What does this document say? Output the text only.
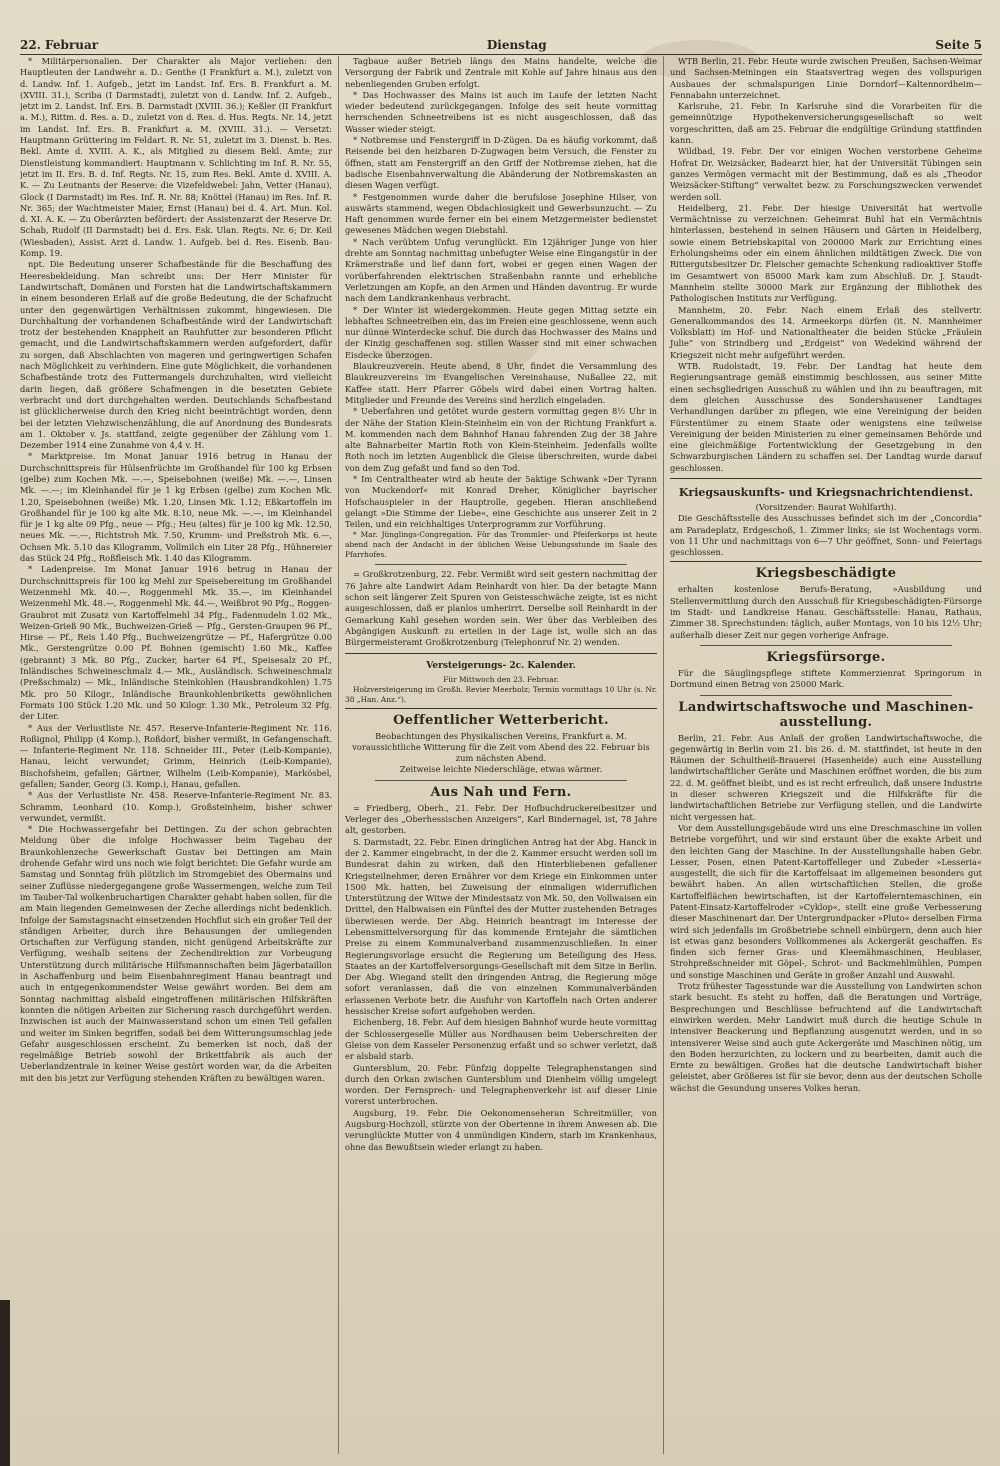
22. Februar	Dienstag	Seite 5

* Militärpersonalien. Der Charakter als Major verliehen: den Hauptleuten der Landwehr a. D.: Genthe (I Frankfurt a. M.), zuletzt von d. Landw. Inf. 1. Aufgeb., jetzt im Landst. Inf. Ers. B. Frankfurt a. M. (XVIII. 31.), Scriba (I Darmstadt), zuletzt von d. Landw. Inf. 2. Aufgeb., jetzt im 2. Landst. Inf. Ers. B. Darmstadt (XVIII. 36.); Keßler (II Frankfurt a. M.), Rittm. d. Res. a. D., zuletzt von d. Res. d. Hus. Regts. Nr. 14, jetzt im Landst. Inf. Ers. B. Frankfurt a. M. (XVIII. 31.). — Versetzt: Hauptmann Grüttering im Feldart. R. Nr. 51, zuletzt im 3. Dienst. b. Res. Bekl. Amte d. XVIII. A. K., als Mitglied zu diesem Bekl. Amte; zur Dienstleistung kommandiert: Hauptmann v. Schlichting im Inf. R. Nr. 55, jetzt im II. Ers. B. d. Inf. Regts. Nr. 15, zum Res. Bekl. Amte d. XVIII. A. K. — Zu Leutnants der Reserve: die Vizefeldwebel: Jahn, Vetter (Hanau), Glock (I Darmstadt) im Res. Inf. R. Nr. 88; Knöttel (Hanau) im Res. Inf. R. Nr. 365; der Wachtmeister Maier, Ernst (Hanau) bei d. 4. Art. Mun. Kol. d. XI. A. K. — Zu Oberärzten befördert: der Assistenzarzt der Reserve Dr. Schab, Rudolf (II Darmstadt) bei d. Ers. Esk. Ulan. Regts. Nr. 6; Dr. Keil (Wiesbaden), Assist. Arzt d. Landw. 1. Aufgeb. bei d. Res. Eisenb. Bau-Komp. 19.

npt. Die Bedeutung unserer Schafbestände für die Beschaffung des Heeresbekleidung. Man schreibt uns: Der Herr Minister für Landwirtschaft, Domänen und Forsten hat die Landwirtschaftskammern in einem besonderen Erlaß auf die große Bedeutung, die der Schafzucht unter den gegenwärtigen Verhältnissen zukommt, hingewiesen. Die Durchhaltung der vorhandenen Schafbestände wird der Landwirtschaft trotz der bestehenden Knappheit an Rauhfutter zur besonderen Pflicht gemacht, und die Landwirtschaftskammern werden aufgefordert, dafür zu sorgen, daß Abschlachten von mageren und geringwertigen Schafen nach Möglichkeit zu verhindern. Eine gute Möglichkeit, die vorhandenen Schafbestände trotz des Futtermangels durchzuhalten, wird vielleicht darin liegen, daß größere Schafmengen in die besetzten Gebiete verbracht und dort durchgehalten werden. Deutschlands Schafbestand ist glücklicherweise durch den Krieg nicht beeinträchtigt worden, denn bei der letzten Viehzwischenzählung, die auf Anordnung des Bundesrats am 1. Oktober v. Js. stattfand, zeigte gegenüber der Zählung vom 1. Dezember 1914 eine Zunahme von 4,4 v. H.

* Marktpreise. Im Monat Januar 1916 betrug in Hanau der Durchschnittspreis für Hülsenfrüchte im Großhandel für 100 kg Erbsen (gelbe) zum Kochen Mk. —.—, Speisebohnen (weiße) Mk. —.—, Linsen Mk. —.—; im Kleinhandel für je 1 kg Erbsen (gelbe) zum Kochen Mk. 1.20, Speisebohnen (weiße) Mk. 1.20, Linsen Mk. 1.12; Eßkartoffeln im Großhandel für je 100 kg alte Mk. 8.10, neue Mk. —.—, im Kleinhandel für je 1 kg alte 09 Pfg., neue — Pfg.; Heu (altes) für je 100 kg Mk. 12.50, neues Mk. —.—, Richtstroh Mk. 7.50, Krumm- und Preßstroh Mk. 6.—, Ochsen Mk. 5.10 das Kilogramm, Vollmilch ein Liter 28 Pfg., Hühnereier das Stück 24 Pfg., Roßfleisch Mk. 1.40 das Kilogramm.

* Ladenpreise. Im Monat Januar 1916 betrug in Hanau der Durchschnittspreis für 100 kg Mehl zur Speisebereitung im Großhandel Weizenmehl Mk. 40.—, Roggenmehl Mk. 35.—, im Kleinhandel Weizenmehl Mk. 48.—, Roggenmehl Mk. 44.—, Weißbrot 90 Pfg., Roggen-Graubrot mit Zusatz von Kartoffelmehl 34 Pfg., Fadennudeln 1.02 Mk., Weizen-Grieß 90 Mk., Buchweizen-Grieß — Pfg., Gersten-Graupen 96 Pf., Hirse — Pf., Reis 1.40 Pfg., Buchweizengrütze — Pf., Hafergrütze 0.00 Mk., Gerstengrütze 0.00 Pf. Bohnen (gemischt) 1.60 Mk., Kaffee (gebrannt) 3 Mk. 80 Pfg., Zucker, harter 64 Pf., Speisesalz 20 Pf., Inländisches Schweineschmalz 4.— Mk., Ausländisch. Schweineschmalz (Preßschmalz) — Mk., Inländische Steinkohlen (Hausbrandkohlen) 1.75 Mk. pro 50 Kilogr., Inländische Braunkohlenbriketts gewöhnlichen Formats 100 Stück 1.20 Mk. und 50 Kilogr. 1.30 Mk., Petroleum 32 Pfg. der Liter.

* Aus der Verlustliste Nr. 457. Reserve-Infanterie-Regiment Nr. 116. Roßignol, Philipp (4 Komp.), Roßdorf, bisher vermißt, in Gefangenschaft. — Infanterie-Regiment Nr. 118. Schneider III., Peter (Leib-Kompanie), Hanau, leicht verwundet; Grimm, Heinrich (Leib-Kompanie), Bischofsheim, gefallen; Gärtner, Wilhelm (Leib-Kompanie), Markösbel, gefallen; Sander, Georg (3. Komp.), Hanau, gefallen.

* Aus der Verlustliste Nr. 458. Reserve-Infanterie-Regiment Nr. 83. Schramm, Leonhard (10. Komp.), Großsteinheim, bisher schwer verwundet, vermißt.

* Die Hochwassergefahr bei Dettingen. Zu der schon gebrachten Meldung über die infolge Hochwasser beim Tagebau der Braunkohlenzeche Gewerkschaft Gustav bei Dettingen am Main drohende Gefahr wird uns noch wie folgt berichtet: Die Gefahr wurde am Samstag und Sonntag früh plötzlich im Stromgebiet des Obermains und seiner Zuflüsse niedergegangene große Wassermengen, welche zum Teil im Tauber-Tal wolkenbruchartigen Charakter gehabt haben sollen, für die am Main liegenden Gemeinwesen der Zeche allerdings nicht bedenklich. Infolge der Samstagsnacht einsetzenden Hochflut sich ein großer Teil der ständigen Arbeiter, durch ihre Behausungen der umliegenden Ortschaften zur Verfügung standen, nicht genügend Arbeitskräfte zur Verfügung, weshalb seitens der Zechendirektion zur Vorbeugung Unterstützung durch militärische Hilfsmannschaften beim Jägerbataillon in Aschaffenburg und beim Eisenbahnregiment Hanau beantragt und auch in entgegenkommendster Weise gewährt worden. Bei dem am Sonntag nachmittag alsbald eingetroffenen militärischen Hilfskräften konnten die nötigen Arbeiten zur Sicherung rasch durchgeführt werden. Inzwischen ist auch der Mainwasserstand schon um einen Teil gefallen und weiter im Sinken begriffen, sodaß bei dem Witterungsumschlag jede Gefahr ausgeschlossen erscheint. Zu bemerken ist noch, daß der regelmäßige Betrieb sowohl der Brikettfabrik als auch der Ueberlandzentrale in keiner Weise gestört worden war, da die Arbeiten mit den bis jetzt zur Verfügung stehenden Kräften zu bewältigen waren.

Tagbaue außer Betrieb längs des Mains handelte, welche die Versorgung der Fabrik und Zentrale mit Kohle auf Jahre hinaus aus den nebenliegenden Gruben erfolgt.

* Das Hochwasser des Mains ist auch im Laufe der letzten Nacht wieder bedeutend zurückgegangen. Infolge des seit heute vormittag herrschenden Schneetreibens ist es nicht ausgeschlossen, daß das Wasser wieder steigt.

* Notbremse und Fenstergriff in D-Zügen. Da es häufig vorkommt, daß Reisende bei den heizbaren D-Zugwagen beim Versuch, die Fenster zu öffnen, statt am Fenstergriff an den Griff der Notbremse ziehen, hat die badische Eisenbahnverwaltung die Abänderung der Notbremskasten an diesen Wagen verfügt.

* Festgenommen wurde daher die berufslose Josephine Hilser, von auswärts stammend, wegen Obdachlosigkeit und Gewerbsunzucht. — Zu Haft genommen wurde ferner ein bei einem Metzgermeister bedienstet gewesenes Mädchen wegen Diebstahl.

* Nach verübtem Unfug verunglückt. Ein 12jähriger Junge von hier drehte am Sonntag nachmittag unbefugter Weise eine Eingangstür in der Krämerstraße und lief dann fort, wobei er gegen einen Wagen der vorüberfahrenden elektrischen Straßenbahn rannte und erhebliche Verletzungen am Kopfe, an den Armen und Händen davontrug. Er wurde nach dem Landkrankenhaus verbracht.

* Der Winter ist wiedergekommen. Heute gegen Mittag setzte ein lebhaftes Schneetreiben ein, das im Freien eine geschlossene, wenn auch nur dünne Winterdecke schuf. Die durch das Hochwasser des Mains und der Kinzig geschaffenen sog. stillen Wasser sind mit einer schwachen Eisdecke überzogen.

Blaukreuzverein. Heute abend, 8 Uhr, findet die Versammlung des Blaukreuzvereins im Evangelischen Vereinshause, Nußallee 22, mit Kaffee statt. Herr Pfarrer Göbels wird dabei einen Vortrag halten. Mitglieder und Freunde des Vereins sind herzlich eingeladen.

* Ueberfahren und getötet wurde gestern vormittag gegen 8½ Uhr in der Nähe der Station Klein-Steinheim ein von der Richtung Frankfurt a. M. kommenden nach dem Bahnhof Hanau fahrenden Zug der 38 Jahre alte Bahnarbeiter Martin Roth von Klein-Steinheim. Jedenfalls wollte Roth noch im letzten Augenblick die Gleise überschreiten, wurde dabei von dem Zug gefaßt und fand so den Tod.

* Im Centraltheater wird ab heute der 5aktige Schwank »Der Tyrann von Muckendorf« mit Konrad Dreher, Königlicher bayrischer Hofschauspieler in der Hauptrolle, gegeben. Hieran anschließend gelangt »Die Stimme der Liebe«, eine Geschichte aus unserer Zeit in 2 Teilen, und ein reichhaltiges Unterprogramm zur Vorführung.

* Mar. Jünglings-Congregation. Für das Trommler- und Pfeiferkorps ist heute abend nach der Andacht in der üblichen Weise Uebungsstunde im Saale des Pfarrhofes.

= Großkrotzenburg, 22. Febr. Vermißt wird seit gestern nachmittag der 76 Jahre alte Landwirt Adam Reinhardt von hier. Da der betagte Mann schon seit längerer Zeit Spuren von Geistesschwäche zeigte, ist es nicht ausgeschlossen, daß er planlos umherirrt. Derselbe soll Reinhardt in der Gemarkung Kahl gesehen worden sein. Wer über das Verbleiben des Abgängigen Auskunft zu erteilen in der Lage ist, wolle sich an das Bürgermeisteramt Großkrotzenburg (Telephonruf Nr. 2) wenden.

Versteigerungs- 2c. Kalender.

Für Mittwoch den 23. Februar.

Holzversteigerung im Großh. Revier Meerholz; Termin vormittags 10 Uhr (s. Nr. 38 „Han. Anz.“).

Oeffentlicher Wetterbericht.

Beobachtungen des Physikalischen Vereins, Frankfurt a. M. voraussichtliche Witterung für die Zeit vom Abend des 22. Februar bis zum nächsten Abend.

Zeitweise leichte Niederschläge, etwas wärmer.

Aus Nah und Fern.

= Friedberg, Oberh., 21. Febr. Der Hofbuchdruckereibesitzer und Verleger des „Oberhessischen Anzeigers“, Karl Bindernagel, ist, 78 Jahre alt, gestorben.

S. Darmstadt, 22. Febr. Einen dringlichen Antrag hat der Abg. Hanck in der 2. Kammer eingebracht, in der die 2. Kammer ersucht werden soll im Bundesrat dahin zu wirken, daß den Hinterbliebenen gefallener Kriegsteilnehmer, deren Ernährer vor dem Kriege ein Einkommen unter 1500 Mk. hatten, bei Zuweisung der einmaligen widerruflichen Unterstützung der Witwe der Mindestsatz von Mk. 50, den Vollwaisen ein Drittel, den Halbwaisen ein Fünftel des der Mutter zustehenden Betrages überwiesen werde. Der Abg. Heinrich beantragt im Interesse der Lebensmittelversorgung für das kommende Erntejahr die sämtlichen Preise zu einem Kommunalverband zusammenzuschließen. In einer Regierungsvorlage ersucht die Regierung um Beteiligung des Hess. Staates an der Kartoffelversorgungs-Gesellschaft mit dem Sitze in Berlin. Der Abg. Wiegand stellt den dringenden Antrag, die Regierung möge sofort veranlassen, daß die von einzelnen Kommunalverbänden erlassenen Verbote betr. die Ausfuhr von Kartoffeln nach Orten anderer hessischer Kreise sofort aufgehoben werden.

Eichenberg, 18. Febr. Auf dem hiesigen Bahnhof wurde heute vormittag der Schlossergeselle Müller aus Nordhausen beim Ueberschreiten der Gleise von dem Kasseler Personenzug erfaßt und so schwer verletzt, daß er alsbald starb.

Guntersblum, 20. Febr. Fünfzig doppelte Telegraphenstangen sind durch den Orkan zwischen Guntersblum und Dienheim völlig umgelegt worden. Der Fernsprech- und Telegraphenverkehr ist auf dieser Linie vorerst unterbrochen.

Augsburg, 19. Febr. Die Oekonomenseheran Schreitmüller, von Augsburg-Hochzoll, stürzte von der Obertenne in ihrem Anwesen ab. Die verunglückte Mutter von 4 unmündigen Kindern, starb im Krankenhaus, ohne das Bewußtsein wieder erlangt zu haben.

WTB Berlin, 21. Febr. Heute wurde zwischen Preußen, Sachsen-Weimar und Sachsen-Meiningen ein Staatsvertrag wegen des vollspurigen Ausbaues der schmalspurigen Linie Dorndorf—Kaltennordheim—Fennabahn unterzeichnet.

Karlsruhe, 21. Febr. In Karlsruhe sind die Vorarbeiten für die gemeinnützige Hypothekenversicherungsgesellschaft so weit vorgeschritten, daß am 25. Februar die endgültige Gründung stattfinden kann.

Wildbad, 19. Febr. Der vor einigen Wochen verstorbene Geheime Hofrat Dr. Weizsäcker, Badearzt hier, hat der Universität Tübingen sein ganzes Vermögen vermacht mit der Bestimmung, daß es als „Theodor Weizsäcker-Stiftung“ verwaltet bezw. zu Forschungszwecken verwendet werden soll.

Heidelberg, 21. Febr. Der hiesige Universität hat wertvolle Vermächtnisse zu verzeichnen: Geheimrat Buhl hat ein Vermächtnis hinterlassen, bestehend in seinen Häusern und Gärten in Heidelberg, sowie einem Betriebskapital von 200000 Mark zur Errichtung eines Erholungsheims oder ein einem ähnlichen mildtätigen Zweck. Die von Rittergutsbesitzer Dr. Fleischer gemachte Schenkung radioaktiver Stoffe im Gesamtwert von 85000 Mark kam zum Abschluß. Dr. J. Staudt-Mannheim stellte 30000 Mark zur Ergänzung der Bibliothek des Pathologischen Instituts zur Verfügung.

Mannheim, 20. Febr. Nach einem Erlaß des stellvertr. Generalkommandos des 14. Armeekorps dürfen (it. N. Mannheimer Volksblatt) im Hof- und Nationaltheater die beiden Stücke „Fräulein Julie“ von Strindberg und „Erdgeist“ von Wedekind während der Kriegszeit nicht mehr aufgeführt werden.

WTB. Rudolstadt, 19. Febr. Der Landtag hat heute dem Regierungsantrage gemäß einstimmig beschlossen, aus seiner Mitte einen sechsgliedrigen Ausschuß zu wählen und ihn zu beauftragen, mit dem gleichen Ausschusse des Sondershausener Landtages Verhandlungen darüber zu pflegen, wie eine Vereinigung der beiden Fürstentümer zu einem Staate oder wenigstens eine teilweise Vereinigung der beiden Ministerien zu einer gemeinsamen Behörde und eine gleichmäßige Fortentwicklung der Gesetzgebung in den Schwarzburgischen Ländern zu schaffen sei. Der Landtag wurde darauf geschlossen.

Kriegsauskunfts- und Kriegsnachrichtendienst.

(Vorsitzender: Baurat Wohlfarth).

Die Geschäftsstelle des Ausschusses befindet sich im der „Concordia“ am Paradeplatz, Erdgeschoß, 1. Zimmer links; sie ist Wochentags vorm. von 11 Uhr und nachmittags von 6—7 Uhr geöffnet, Sonn- und Feiertags geschlossen.

Kriegsbeschädigte

erhalten kostenlose Berufs-Beratung, »Ausbildung und Stellenvermittlung durch den Ausschuß für Kriegsbeschädigten-Fürsorge im Stadt- und Landkreise Hanau. Geschäftsstelle: Hanau, Rathaus, Zimmer 38. Sprechstunden: täglich, außer Montags, von 10 bis 12½ Uhr; außerhalb dieser Zeit nur gegen vorherige Anfrage.

Kriegsfürsorge.

Für die Säuglingspflege stiftete Kommerzienrat Springorum in Dortmund einen Betrag von 25000 Mark.

Landwirtschaftswoche und Maschinen-ausstellung.

Berlin, 21. Febr. Aus Anlaß der großen Landwirtschaftswoche, die gegenwärtig in Berlin vom 21. bis 26. d. M. stattfindet, ist heute in den Räumen der Schultheiß-Brauerei (Hasenheide) auch eine Ausstellung landwirtschaftlicher Geräte und Maschinen eröffnet worden, die bis zum 22. d. M. geöffnet bleibt, und es ist recht erfreulich, daß unsere Industrie in dieser schweren Kriegszeit und die Hilfskräfte für die landwirtschaftlichen Betriebe zur Verfügung stellen, und die Landwirte nicht vergessen hat.

Vor dem Ausstellungsgebäude wird uns eine Dreschmaschine im vollen Betriebe vorgeführt, und wir sind erstaunt über die exakte Arbeit und den leichten Gang der Maschine. In der Ausstellungshalle haben Gebr. Lesser, Posen, einen Patent-Kartoffelleger und Zubeder »Lesseria« ausgestellt, die sich für die Kartoffelsaat im allgemeinen besonders gut bewährt haben. An allen wirtschaftlichen Stellen, die große Kartoffelflächen bewirtschaften, ist der Kartoffelerntemaschinen, ein Patent-Einsatz-Kartoffelroder »Cyklop«, stellt eine große Verbesserung dieser Maschinenart dar. Der Untergrundpacker »Pluto« derselben Firma wird sich jedenfalls im Großbetriebe schnell einbürgern, denn auch hier ist etwas ganz besonders Vollkommenes als Ackergerät geschaffen. Es finden sich ferner Gras- und Kleemähmaschinen, Heublaser, Strohpreßschneider mit Göpel-, Schrot- und Backmehlmühlen, Pumpen und sonstige Maschinen und Geräte in großer Anzahl und Auswahl.

Trotz frühester Tagesstunde war die Ausstellung von Landwirten schon stark besucht. Es steht zu hoffen, daß die Beratungen und Vorträge, Besprechungen und Beschlüsse befruchtend auf die Landwirtschaft einwirken werden. Mehr Landwirt muß durch die heutige Schule in intensiver Beackerung und Bepflanzung ausgenutzt werden, und in so intensiverer Weise sind auch gute Ackergeräte und Maschinen nötig, um den Boden herzurichten, zu lockern und zu bearbeiten, damit auch die Ernte zu bewältigen. Großes hat die deutsche Landwirtschaft bisher geleistet, aber Größeres ist für sie bevor, denn aus der deutschen Scholle wächst die Gesundung unseres Volkes heran.
